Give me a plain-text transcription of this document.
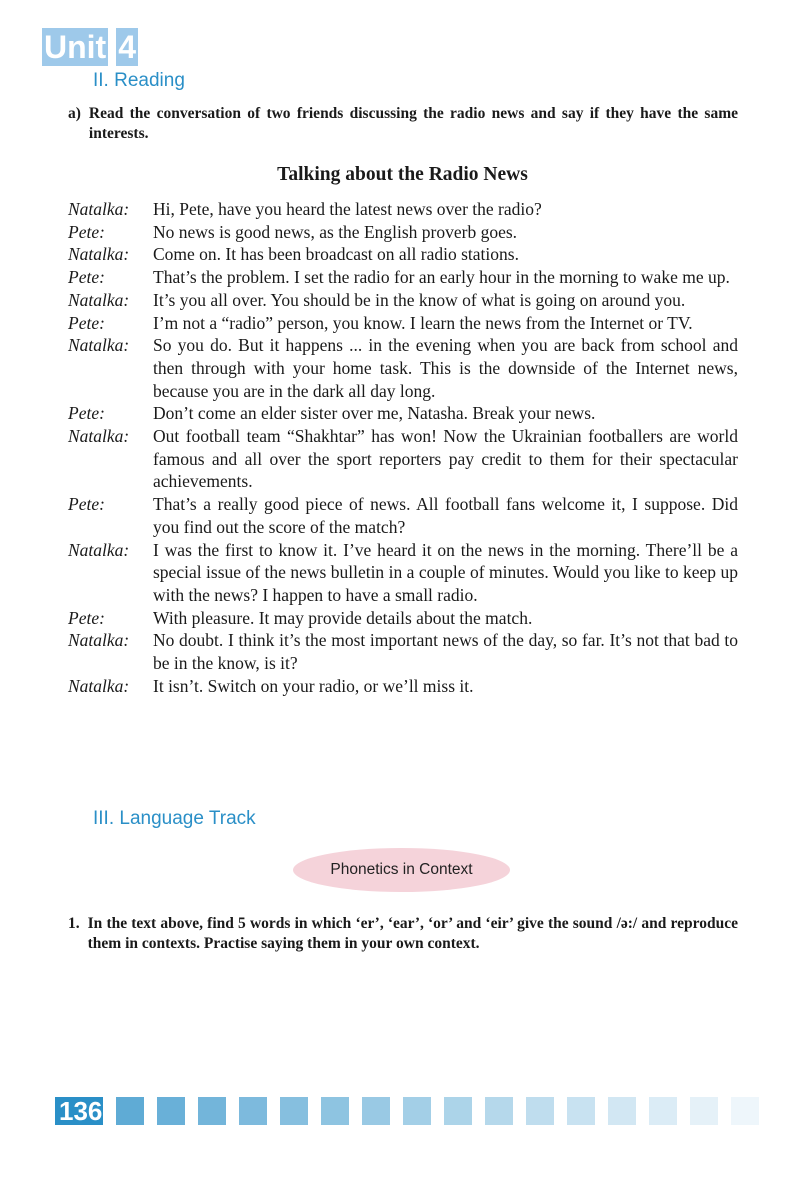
Unit 4
II. Reading
a) Read the conversation of two friends discussing the radio news and say if they have the same interests.
Talking about the Radio News
Natalka:	Hi, Pete, have you heard the latest news over the radio?
Pete:	No news is good news, as the English proverb goes.
Natalka:	Come on. It has been broadcast on all radio stations.
Pete:	That’s the problem. I set the radio for an early hour in the morning to wake me up.
Natalka:	It’s you all over. You should be in the know of what is going on around you.
Pete:	I’m not a “radio” person, you know. I learn the news from the Internet or TV.
Natalka:	So you do. But it happens ... in the evening when you are back from school and then through with your home task. This is the downside of the Internet news, because you are in the dark all day long.
Pete:	Don’t come an elder sister over me, Natasha. Break your news.
Natalka:	Out football team “Shakhtar” has won! Now the Ukrainian footballers are world famous and all over the sport reporters pay credit to them for their spectacular achievements.
Pete:	That’s a really good piece of news. All football fans welcome it, I suppose. Did you find out the score of the match?
Natalka:	I was the first to know it. I’ve heard it on the news in the morning. There’ll be a special issue of the news bulletin in a couple of minutes. Would you like to keep up with the news? I happen to have a small radio.
Pete:	With pleasure. It may provide details about the match.
Natalka:	No doubt. I think it’s the most important news of the day, so far. It’s not that bad to be in the know, is it?
Natalka:	It isn’t. Switch on your radio, or we’ll miss it.
III. Language Track
Phonetics in Context
1. In the text above, find 5 words in which ‘er’, ‘ear’, ‘or’ and ‘eir’ give the sound /ə:/ and reproduce them in contexts. Practise saying them in your own context.
136
